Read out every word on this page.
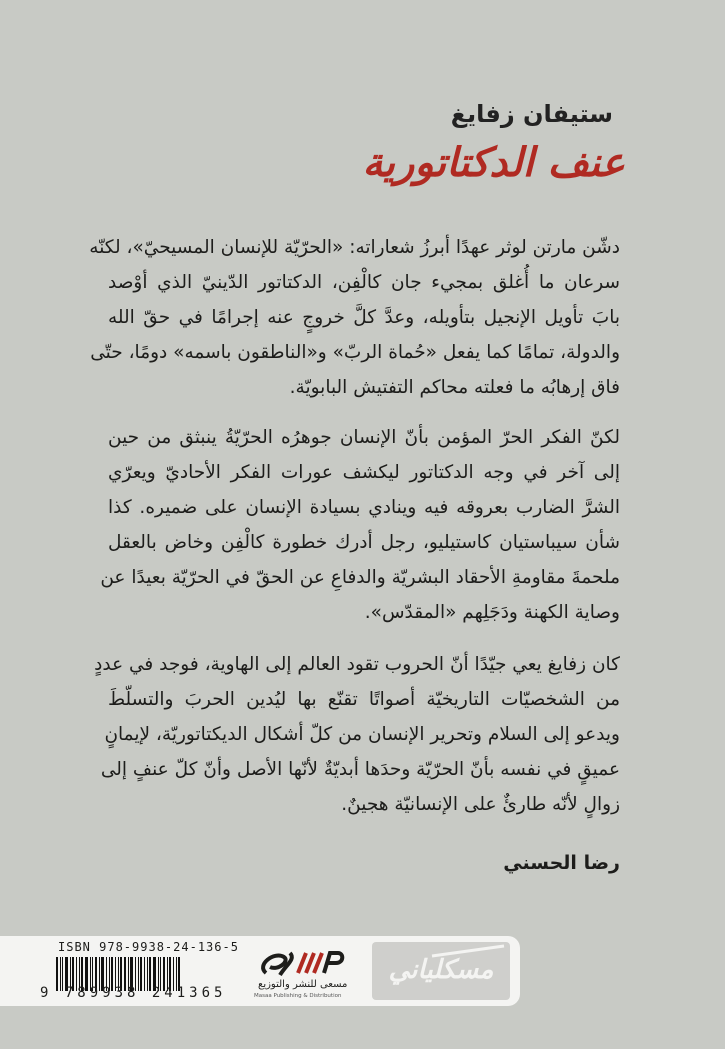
ستيفان زفايغ
عنف الدكتاتورية
دشّن مارتن لوثر عهدًا أبرزُ شعاراته: «الحرّيّة للإنسان المسيحيّ»، لكنّه
سرعان ما أُغلق بمجيء جان كالْفِن، الدكتاتور الدّينيّ الذي أوْصد
بابَ تأويل الإنجيل بتأويله، وعدَّ كلَّ خروجٍ عنه إجرامًا في حقّ الله
والدولة، تمامًا كما يفعل «حُماة الربّ» و«الناطقون باسمه» دومًا، حتّى
فاق إرهابُه ما فعلته محاكم التفتيش البابويّة.
لكنّ الفكر الحرّ المؤمن بأنّ الإنسان جوهرُه الحرّيّةُ ينبثق من حين
إلى آخر في وجه الدكتاتور ليكشف عورات الفكر الأحاديّ ويعرّي
الشرَّ الضارب بعروقه فيه وينادي بسيادة الإنسان على ضميره. كذا
شأن سيباستيان كاستيليو، رجل أدرك خطورة كالْفِن وخاض بالعقل
ملحمةَ مقاومةِ الأحقاد البشريّة والدفاعِ عن الحقّ في الحرّيّة بعيدًا عن
وصاية الكهنة ودَجَلِهم «المقدّس».
كان زفايغ يعي جيّدًا أنّ الحروب تقود العالم إلى الهاوية، فوجد في عددٍ
من الشخصيّات التاريخيّة أصواتًا تقنّع بها ليُدين الحربَ والتسلّطَ
ويدعو إلى السلام وتحرير الإنسان من كلّ أشكال الديكتاتوريّة، لإيمانٍ
عميقٍ في نفسه بأنّ الحرّيّة وحدَها أبديّةٌ لأنّها الأصل وأنّ كلّ عنفٍ إلى
زوالٍ لأنّه طارئٌ على الإنسانيّة هجينٌ.
رضا الحسني
ISBN 978-9938-24-136-5
9 789938 241365
مسعى للنشر والتوزيع
Masaa Publishing & Distribution
مسكلياني
